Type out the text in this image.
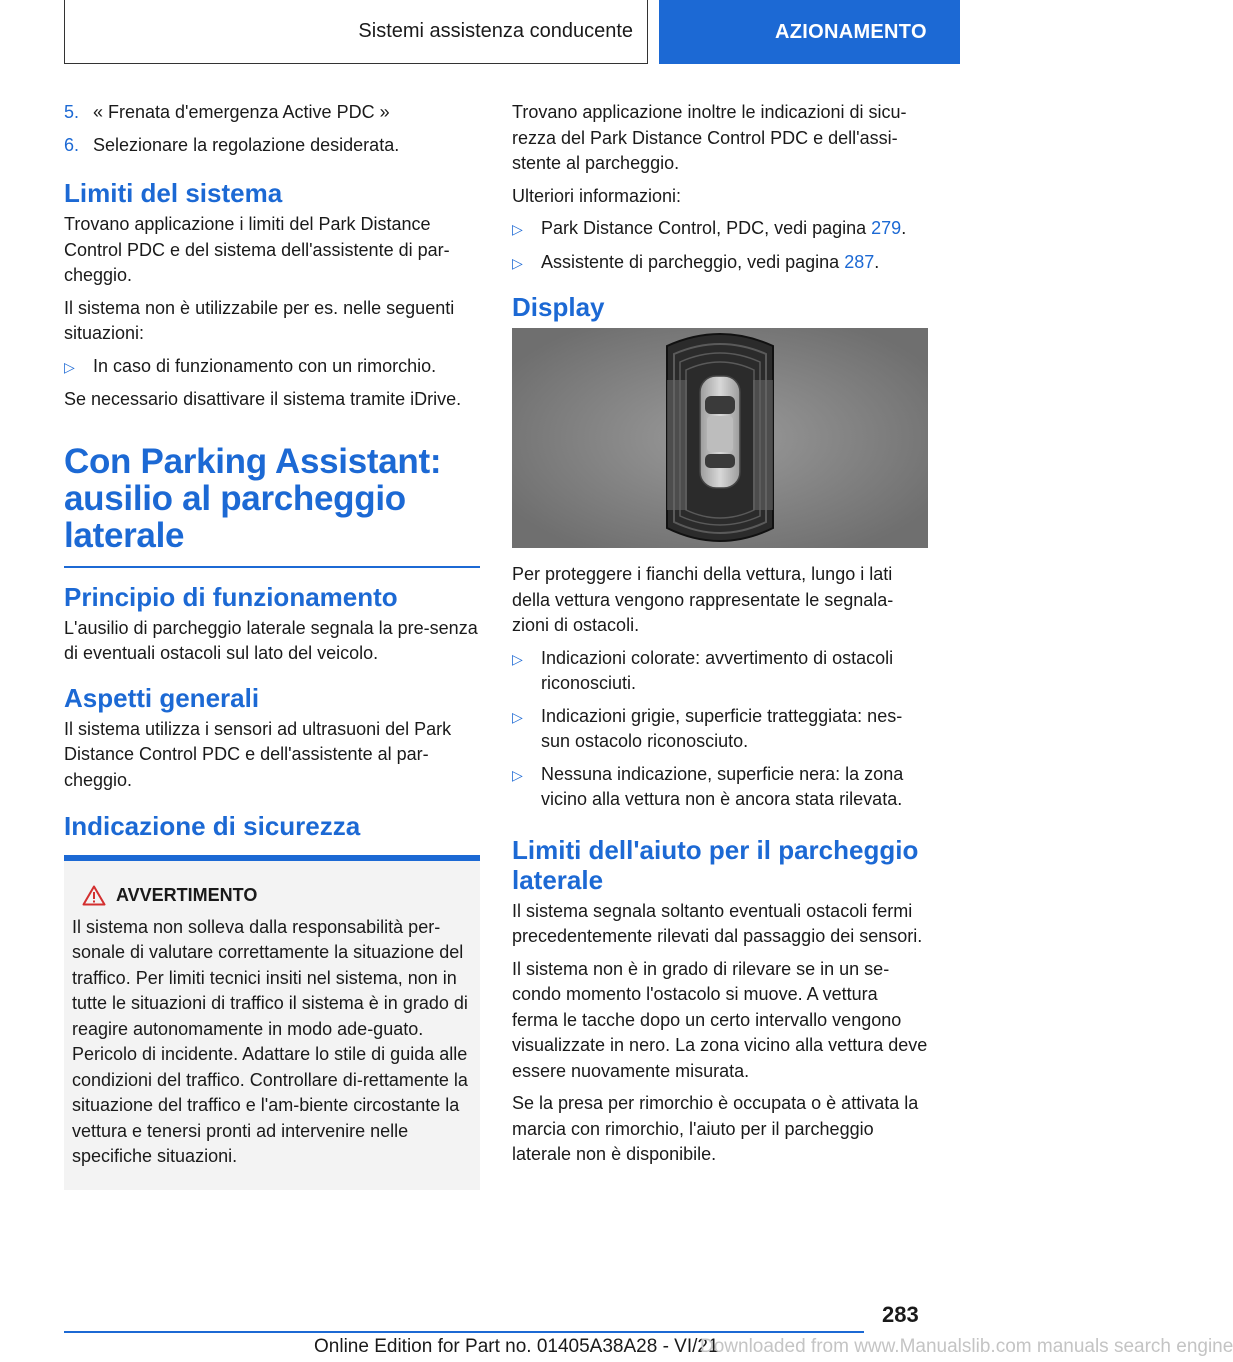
Sistemi assistenza conducente	AZIONAMENTO
5. « Frenata d'emergenza Active PDC »
6. Selezionare la regolazione desiderata.
Limiti del sistema

Trovano applicazione i limiti del Park Distance Control PDC e del sistema dell'assistente di par-cheggio.

Il sistema non è utilizzabile per es. nelle seguenti situazioni:

▷	In caso di funzionamento con un rimorchio.

Se necessario disattivare il sistema tramite iDrive.

Con Parking Assistant:
ausilio al parcheggio
laterale
Principio di funzionamento

L'ausilio di parcheggio laterale segnala la pre-senza di eventuali ostacoli sul lato del veicolo.

Aspetti generali

Il sistema utilizza i sensori ad ultrasuoni del Park Distance Control PDC e dell'assistente al par-cheggio.

Indicazione di sicurezza
AVVERTIMENTO

Il sistema non solleva dalla responsabilità per-sonale di valutare correttamente la situazione del traffico. Per limiti tecnici insiti nel sistema, non in tutte le situazioni di traffico il sistema è in grado di reagire autonomamente in modo ade-guato. Pericolo di incidente. Adattare lo stile di guida alle condizioni del traffico. Controllare di-rettamente la situazione del traffico e l'am-biente circostante la vettura e tenersi pronti ad intervenire nelle specifiche situazioni.

Trovano applicazione inoltre le indicazioni di sicu-rezza del Park Distance Control PDC e dell'assi-stente al parcheggio.

Ulteriori informazioni:

▷	Park Distance Control, PDC, vedi pagina 279.
▷	Assistente di parcheggio, vedi pagina 287.
Display

Per proteggere i fianchi della vettura, lungo i lati della vettura vengono rappresentate le segnala-zioni di ostacoli.

▷	Indicazioni colorate: avvertimento di ostacoli riconosciuti.
▷	Indicazioni grigie, superficie tratteggiata: nes-sun ostacolo riconosciuto.
▷	Nessuna indicazione, superficie nera: la zona vicino alla vettura non è ancora stata rilevata.
Limiti dell'aiuto per il parcheggio laterale

Il sistema segnala soltanto eventuali ostacoli fermi precedentemente rilevati dal passaggio dei sensori.

Il sistema non è in grado di rilevare se in un se-condo momento l'ostacolo si muove. A vettura ferma le tacche dopo un certo intervallo vengono visualizzate in nero. La zona vicino alla vettura deve essere nuovamente misurata.

Se la presa per rimorchio è occupata o è attivata la marcia con rimorchio, l'aiuto per il parcheggio laterale non è disponibile.

283
Online Edition for Part no. 01405A38A28 - VI/21
Downloaded from www.Manualslib.com manuals search engine
